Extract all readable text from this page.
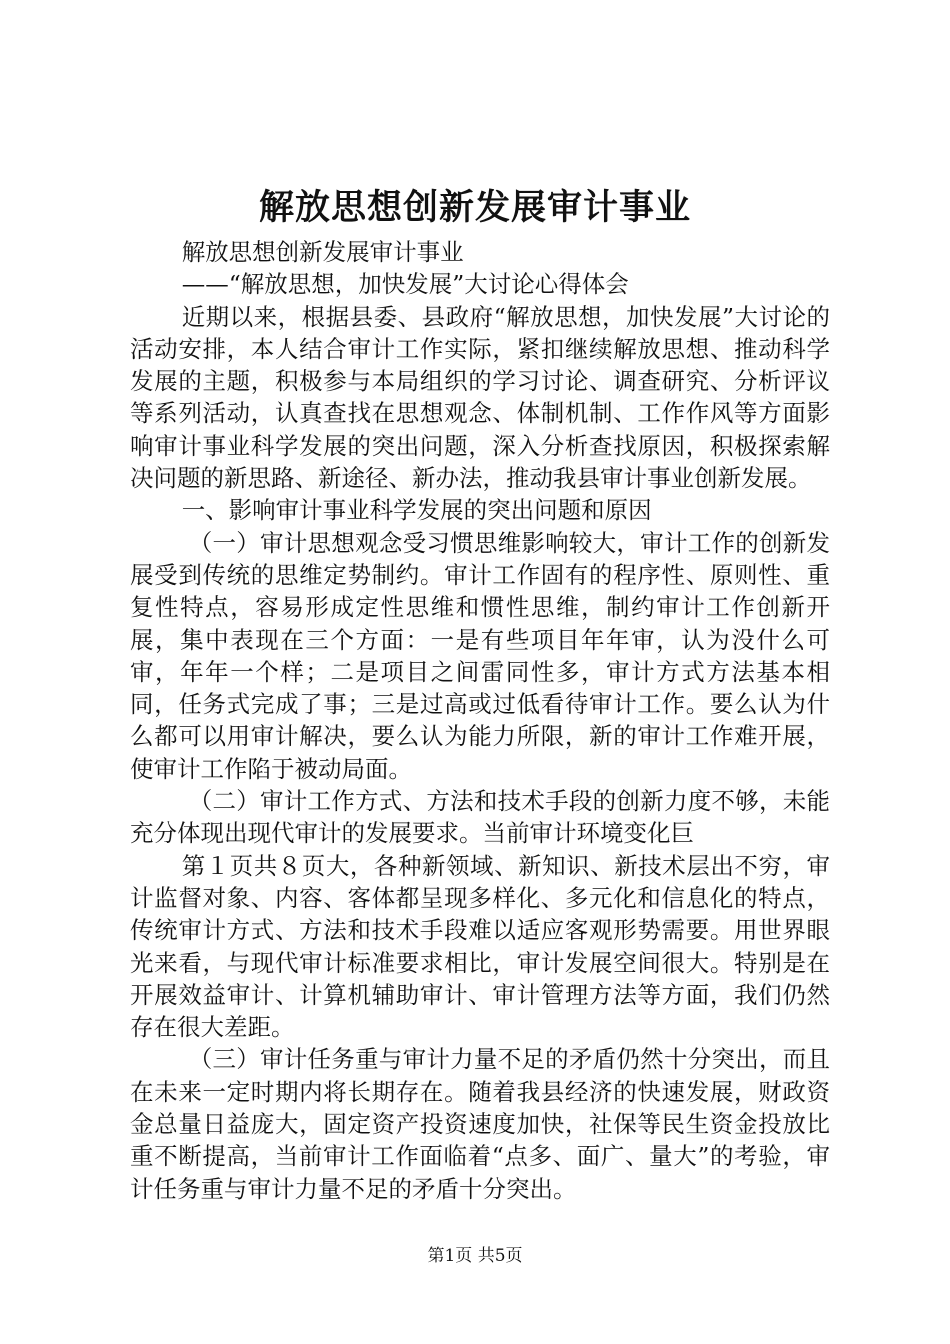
解放思想创新发展审计事业

解放思想创新发展审计事业

——“解放思想，加快发展”大讨论心得体会

近期以来，根据县委、县政府“解放思想，加快发展”大讨论的活动安排，本人结合审计工作实际，紧扣继续解放思想、推动科学发展的主题，积极参与本局组织的学习讨论、调查研究、分析评议等系列活动，认真查找在思想观念、体制机制、工作作风等方面影响审计事业科学发展的突出问题，深入分析查找原因，积极探索解决问题的新思路、新途径、新办法，推动我县审计事业创新发展。

一、影响审计事业科学发展的突出问题和原因

（一）审计思想观念受习惯思维影响较大，审计工作的创新发展受到传统的思维定势制约。审计工作固有的程序性、原则性、重复性特点，容易形成定性思维和惯性思维，制约审计工作创新开展，集中表现在三个方面：一是有些项目年年审，认为没什么可审，年年一个样；二是项目之间雷同性多，审计方式方法基本相同，任务式完成了事；三是过高或过低看待审计工作。要么认为什么都可以用审计解决，要么认为能力所限，新的审计工作难开展，使审计工作陷于被动局面。

（二）审计工作方式、方法和技术手段的创新力度不够，未能充分体现出现代审计的发展要求。当前审计环境变化巨

第１页共８页大，各种新领域、新知识、新技术层出不穷，审计监督对象、内容、客体都呈现多样化、多元化和信息化的特点，传统审计方式、方法和技术手段难以适应客观形势需要。用世界眼光来看，与现代审计标准要求相比，审计发展空间很大。特别是在开展效益审计、计算机辅助审计、审计管理方法等方面，我们仍然存在很大差距。

（三）审计任务重与审计力量不足的矛盾仍然十分突出，而且在未来一定时期内将长期存在。随着我县经济的快速发展，财政资金总量日益庞大，固定资产投资速度加快，社保等民生资金投放比重不断提高，当前审计工作面临着“点多、面广、量大”的考验，审计任务重与审计力量不足的矛盾十分突出。

第1页 共5页
